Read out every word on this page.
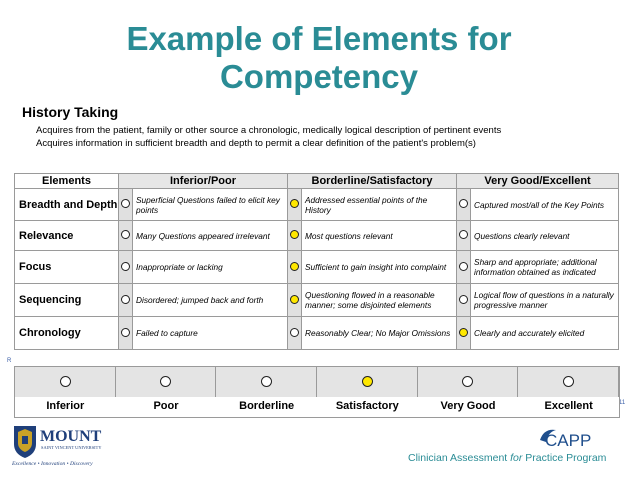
Example of Elements for
Competency
History Taking
Acquires from the patient, family or other source a chronologic, medically logical description of pertinent events
Acquires information in sufficient breadth and depth to permit a clear definition of the patient's problem(s)
Elements	Inferior/Poor		Borderline/Satisfactory		Very Good/Excellent	
Breadth and Depth		Superficial Questions failed to elicit key points		Addressed essential points of the History		Captured most/all of the Key Points
Relevance		Many Questions appeared irrelevant		Most questions relevant		Questions clearly relevant
Focus		Inappropriate or lacking		Sufficient to gain insight into complaint		Sharp and appropriate; additional information obtained as indicated
Sequencing		Disordered; jumped back and forth		Questioning flowed in a reasonable manner; some disjointed elements		Logical flow of questions in a naturally progressive manner
Chronology		Failed to capture		Reasonably Clear; No Major Omissions		Clearly and accurately elicited
R
11
Inferior	Poor	Borderline	Satisfactory	Very Good	Excellent
MOUNT
SAINT VINCENT UNIVERSITY
Excellence • Innovation • Discovery
CAPP
Clinician Assessment for Practice Program
